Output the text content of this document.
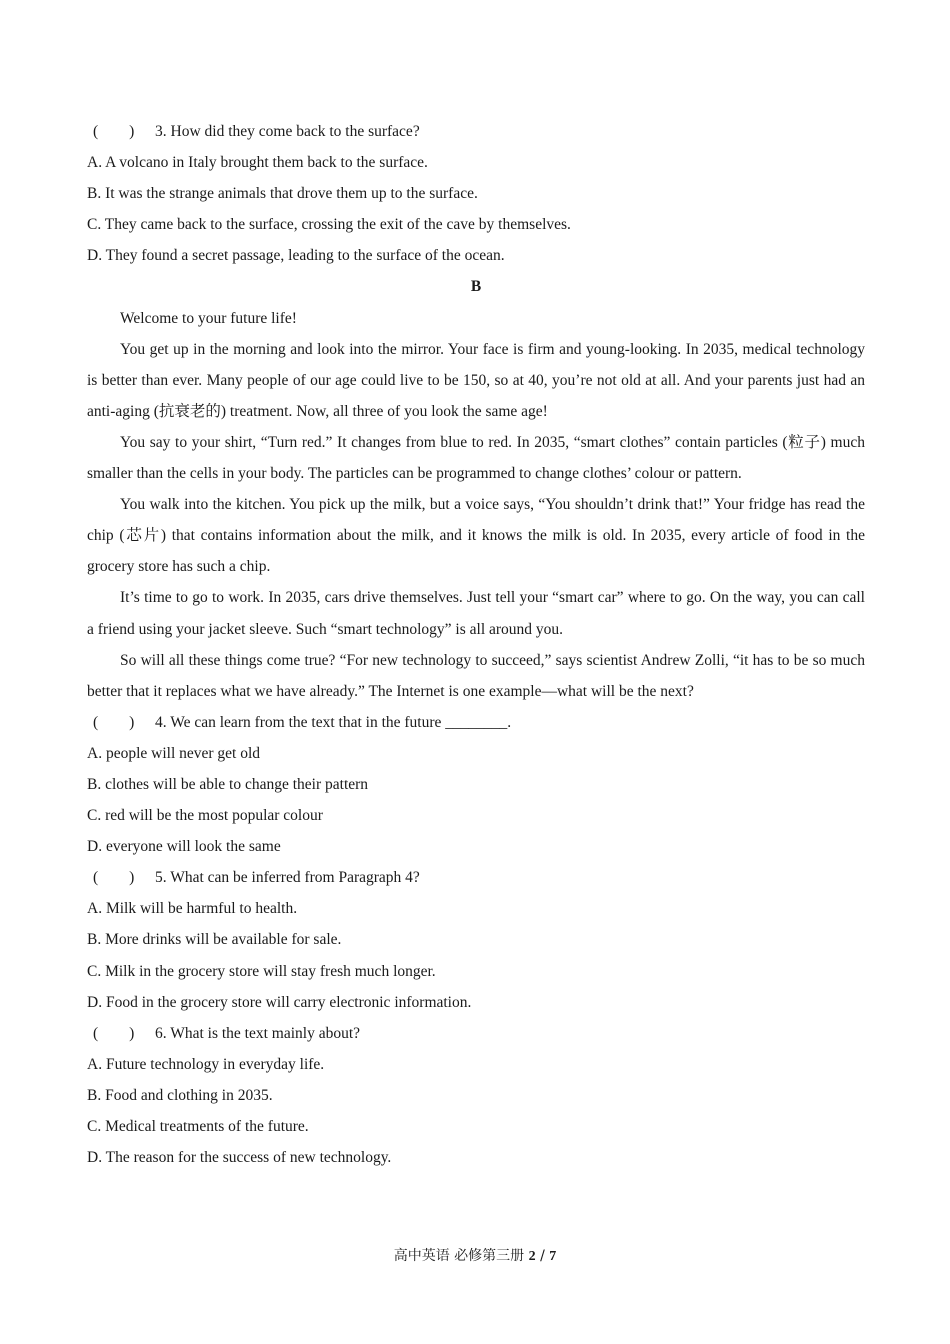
(　　) 3. How did they come back to the surface?
A. A volcano in Italy brought them back to the surface.
B. It was the strange animals that drove them up to the surface.
C. They came back to the surface, crossing the exit of the cave by themselves.
D. They found a secret passage, leading to the surface of the ocean.
B
Welcome to your future life!
You get up in the morning and look into the mirror. Your face is firm and young-looking. In 2035, medical technology is better than ever. Many people of our age could live to be 150, so at 40, you’re not old at all. And your parents just had an anti-aging (抗衰老的) treatment. Now, all three of you look the same age!
You say to your shirt, “Turn red.” It changes from blue to red. In 2035, “smart clothes” contain particles (粒子) much smaller than the cells in your body. The particles can be programmed to change clothes’ colour or pattern.
You walk into the kitchen. You pick up the milk, but a voice says, “You shouldn’t drink that!” Your fridge has read the chip (芯片) that contains information about the milk, and it knows the milk is old. In 2035, every article of food in the grocery store has such a chip.
It’s time to go to work. In 2035, cars drive themselves. Just tell your “smart car” where to go. On the way, you can call a friend using your jacket sleeve. Such “smart technology” is all around you.
So will all these things come true? “For new technology to succeed,” says scientist Andrew Zolli, “it has to be so much better that it replaces what we have already.” The Internet is one example—what will be the next?
(　　) 4. We can learn from the text that in the future ________.
A. people will never get old
B. clothes will be able to change their pattern
C. red will be the most popular colour
D. everyone will look the same
(　　) 5. What can be inferred from Paragraph 4?
A. Milk will be harmful to health.
B. More drinks will be available for sale.
C. Milk in the grocery store will stay fresh much longer.
D. Food in the grocery store will carry electronic information.
(　　) 6. What is the text mainly about?
A. Future technology in everyday life.
B. Food and clothing in 2035.
C. Medical treatments of the future.
D. The reason for the success of new technology.
高中英语 必修第三册 2 / 7
